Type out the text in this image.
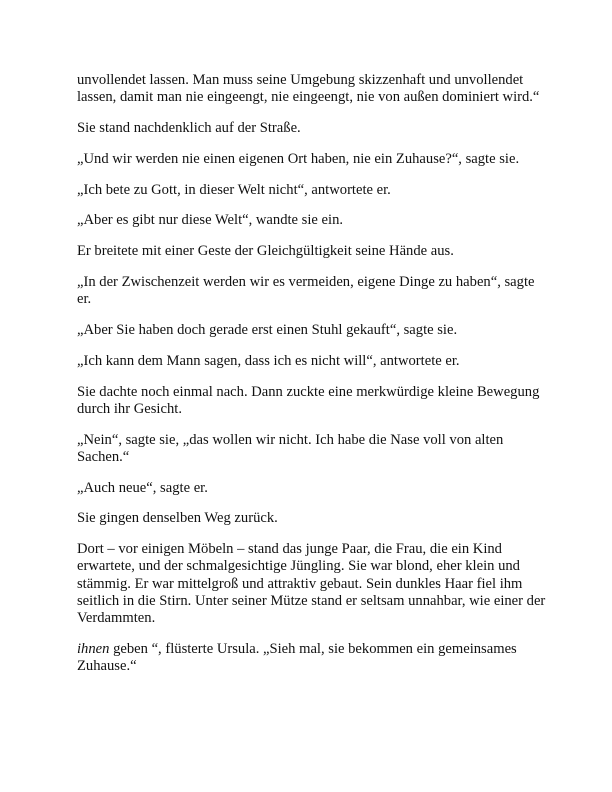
unvollendet lassen. Man muss seine Umgebung skizzenhaft und unvollendet lassen, damit man nie eingeengt, nie eingeengt, nie von außen dominiert wird.“

Sie stand nachdenklich auf der Straße.

„Und wir werden nie einen eigenen Ort haben, nie ein Zuhause?“, sagte sie.

„Ich bete zu Gott, in dieser Welt nicht“, antwortete er.

„Aber es gibt nur diese Welt“, wandte sie ein.

Er breitete mit einer Geste der Gleichgültigkeit seine Hände aus.

„In der Zwischenzeit werden wir es vermeiden, eigene Dinge zu haben“, sagte er.

„Aber Sie haben doch gerade erst einen Stuhl gekauft“, sagte sie.

„Ich kann dem Mann sagen, dass ich es nicht will“, antwortete er.

Sie dachte noch einmal nach. Dann zuckte eine merkwürdige kleine Bewegung durch ihr Gesicht.

„Nein“, sagte sie, „das wollen wir nicht. Ich habe die Nase voll von alten Sachen.“

„Auch neue“, sagte er.

Sie gingen denselben Weg zurück.

Dort – vor einigen Möbeln – stand das junge Paar, die Frau, die ein Kind erwartete, und der schmalgesichtige Jüngling. Sie war blond, eher klein und stämmig. Er war mittelgroß und attraktiv gebaut. Sein dunkles Haar fiel ihm seitlich in die Stirn. Unter seiner Mütze stand er seltsam unnahbar, wie einer der Verdammten.

ihnen geben “, flüsterte Ursula. „Sieh mal, sie bekommen ein gemeinsames Zuhause.“
